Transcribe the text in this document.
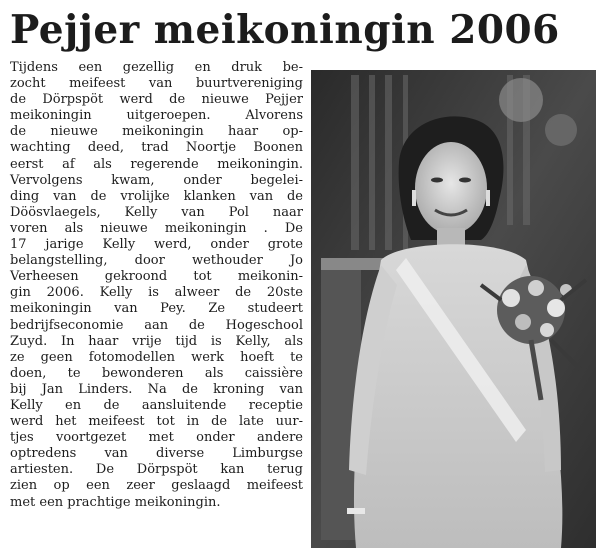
Pejjer meikoningin 2006
Tijdens een gezellig en druk be-
zocht meifeest van buurtvereniging
de Dörpspöt werd de nieuwe Pejjer
meikoningin uitgeroepen. Alvorens
de nieuwe meikoningin haar op-
wachting deed, trad Noortje Boonen
eerst af als regerende meikoningin.
Vervolgens kwam, onder begelei-
ding van de vrolijke klanken van de
Döösvlaegels, Kelly van Pol naar
voren als nieuwe meikoningin . De
17 jarige Kelly werd, onder grote
belangstelling, door wethouder Jo
Verheesen gekroond tot meikonin-
gin 2006. Kelly is alweer de 20ste
meikoningin van Pey. Ze studeert
bedrijfseconomie aan de Hogeschool
Zuyd. In haar vrije tijd is Kelly, als
ze geen fotomodellen werk hoeft te
doen, te bewonderen als caissière
bij Jan Linders. Na de kroning van
Kelly en de aansluitende receptie
werd het meifeest tot in de late uur-
tjes voortgezet met onder andere
optredens van diverse Limburgse
artiesten. De Dörpspöt kan terug
zien op een zeer geslaagd meifeest
met een prachtige meikoningin.
